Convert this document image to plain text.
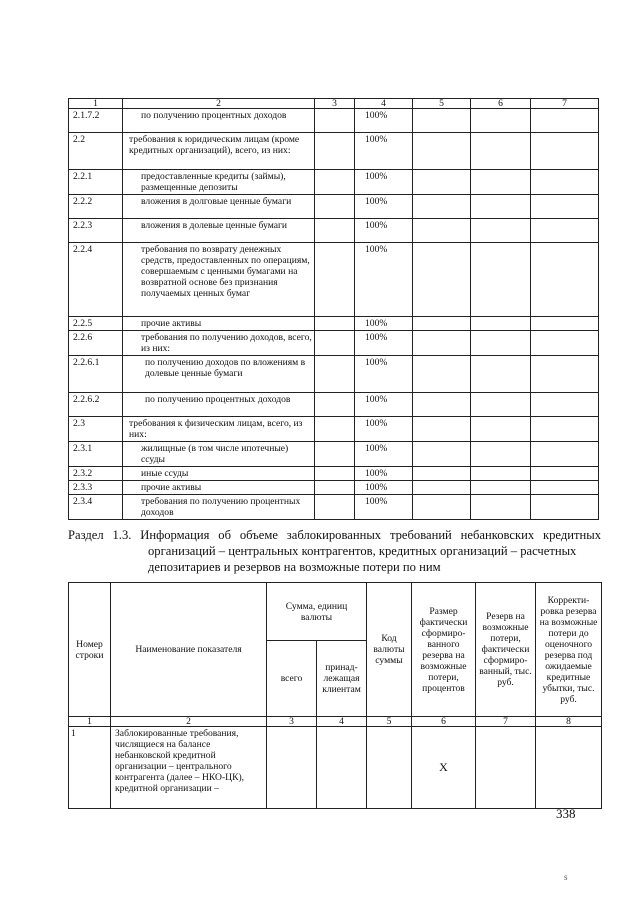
1	2	3	4	5	6	7
2.1.7.2	по получению процентных доходов		100%			
2.2	требования к юридическим лицам (кроме кредитных организаций), всего, из них:		100%			
2.2.1	предоставленные кредиты (займы), размещенные депозиты		100%			
2.2.2	вложения в долговые ценные бумаги		100%			
2.2.3	вложения в долевые ценные бумаги		100%			
2.2.4	требования по возврату денежных средств, предоставленных по операциям, совершаемым с ценными бумагами на возвратной основе без признания получаемых ценных бумаг		100%			
2.2.5	прочие активы		100%			
2.2.6	требования по получению доходов, всего, из них:		100%			
2.2.6.1	по получению доходов по вложениям в долевые ценные бумаги		100%			
2.2.6.2	по получению процентных доходов		100%			
2.3	требования к физическим лицам, всего, из них:		100%			
2.3.1	жилищные (в том числе ипотечные) ссуды		100%			
2.3.2	иные ссуды		100%			
2.3.3	прочие активы		100%			
2.3.4	требования по получению процентных доходов		100%			
Раздел 1.3. Информация об объеме заблокированных требований небанковских кредитных
организаций – центральных контрагентов, кредитных организаций – расчетных
депозитариев и резервов на возможные потери по ним
Номер строки	Наименование показателя	Сумма, единиц валюты		Код валюты суммы	Размер фактически сформиро-ванного резерва на возможные потери, процентов	Резерв на возможные потери, фактически сформиро-ванный, тыс. руб.	Корректи-ровка резерва на возможные потери до оценочного резерва под ожидаемые кредитные убытки, тыс. руб.
		всего	принад-лежащая клиентам				
1	2	3	4	5	6	7	8
1	Заблокированные требования, числящиеся на балансе небанковской кредитной организации – центрального контрагента (далее – НКО-ЦК), кредитной организации –				Х		
338
s
